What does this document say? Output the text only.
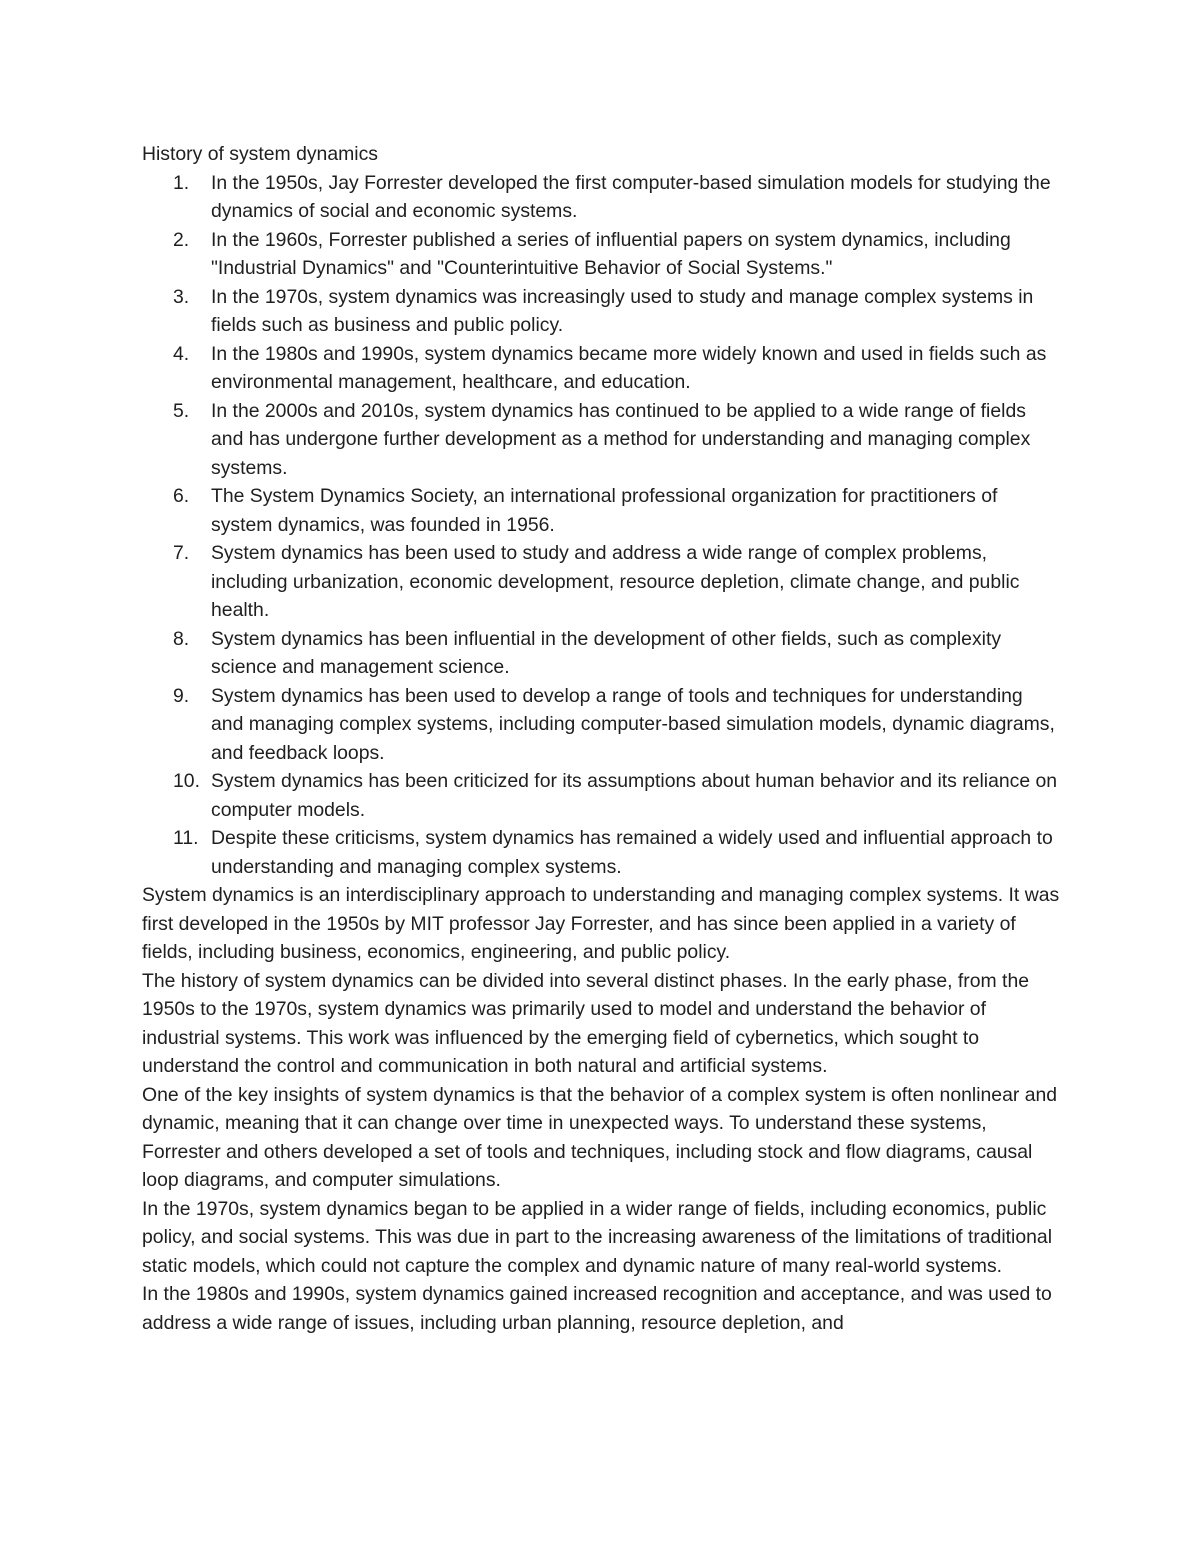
History of system dynamics
1.	In the 1950s, Jay Forrester developed the first computer-based simulation models for studying the dynamics of social and economic systems.
2.	In the 1960s, Forrester published a series of influential papers on system dynamics, including "Industrial Dynamics" and "Counterintuitive Behavior of Social Systems."
3.	In the 1970s, system dynamics was increasingly used to study and manage complex systems in fields such as business and public policy.
4.	In the 1980s and 1990s, system dynamics became more widely known and used in fields such as environmental management, healthcare, and education.
5.	In the 2000s and 2010s, system dynamics has continued to be applied to a wide range of fields and has undergone further development as a method for understanding and managing complex systems.
6.	The System Dynamics Society, an international professional organization for practitioners of system dynamics, was founded in 1956.
7.	System dynamics has been used to study and address a wide range of complex problems, including urbanization, economic development, resource depletion, climate change, and public health.
8.	System dynamics has been influential in the development of other fields, such as complexity science and management science.
9.	System dynamics has been used to develop a range of tools and techniques for understanding and managing complex systems, including computer-based simulation models, dynamic diagrams, and feedback loops.
10. System dynamics has been criticized for its assumptions about human behavior and its reliance on computer models.
11. Despite these criticisms, system dynamics has remained a widely used and influential approach to understanding and managing complex systems.

System dynamics is an interdisciplinary approach to understanding and managing complex systems. It was first developed in the 1950s by MIT professor Jay Forrester, and has since been applied in a variety of fields, including business, economics, engineering, and public policy.

The history of system dynamics can be divided into several distinct phases. In the early phase, from the 1950s to the 1970s, system dynamics was primarily used to model and understand the behavior of industrial systems. This work was influenced by the emerging field of cybernetics, which sought to understand the control and communication in both natural and artificial systems.

One of the key insights of system dynamics is that the behavior of a complex system is often nonlinear and dynamic, meaning that it can change over time in unexpected ways. To understand these systems, Forrester and others developed a set of tools and techniques, including stock and flow diagrams, causal loop diagrams, and computer simulations.

In the 1970s, system dynamics began to be applied in a wider range of fields, including economics, public policy, and social systems. This was due in part to the increasing awareness of the limitations of traditional static models, which could not capture the complex and dynamic nature of many real-world systems.

In the 1980s and 1990s, system dynamics gained increased recognition and acceptance, and was used to address a wide range of issues, including urban planning, resource depletion, and
